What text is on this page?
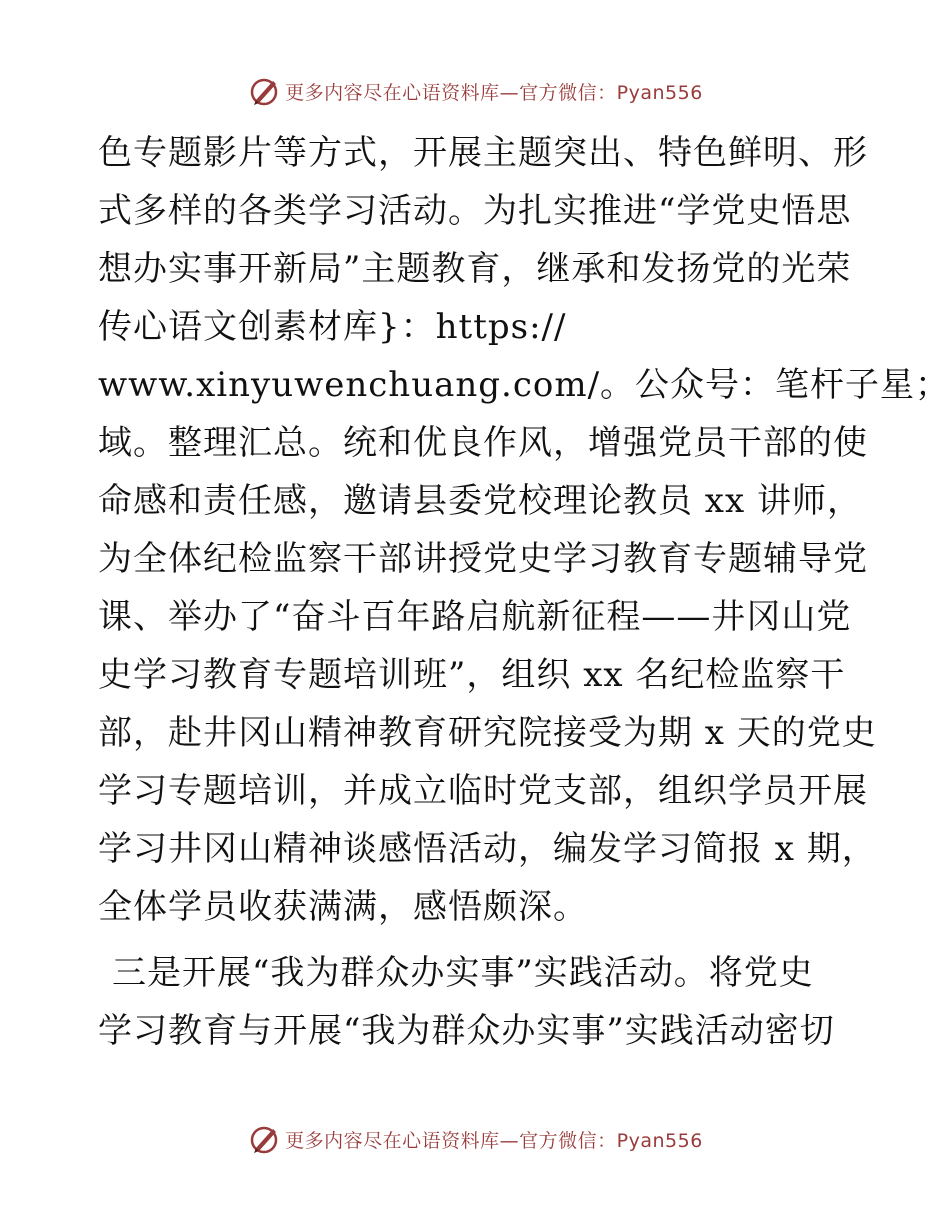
更多内容尽在心语资料库—官方微信：Pyan556
色专题影片等方式，开展主题突出、特色鲜明、形
式多样的各类学习活动。为扎实推进“学党史悟思
想办实事开新局”主题教育，继承和发扬党的光荣
传心语文创素材库}：https://
www.xinyuwenchuang.com/。公众号：笔杆子星；
域。整理汇总。统和优良作风，增强党员干部的使
命感和责任感，邀请县委党校理论教员 xx 讲师，
为全体纪检监察干部讲授党史学习教育专题辅导党
课、举办了“奋斗百年路启航新征程——井冈山党
史学习教育专题培训班”，组织 xx 名纪检监察干
部，赴井冈山精神教育研究院接受为期 x 天的党史
学习专题培训，并成立临时党支部，组织学员开展
学习井冈山精神谈感悟活动，编发学习简报 x 期，
全体学员收获满满，感悟颇深。
三是开展“我为群众办实事”实践活动。将党史
学习教育与开展“我为群众办实事”实践活动密切
更多内容尽在心语资料库—官方微信：Pyan556
